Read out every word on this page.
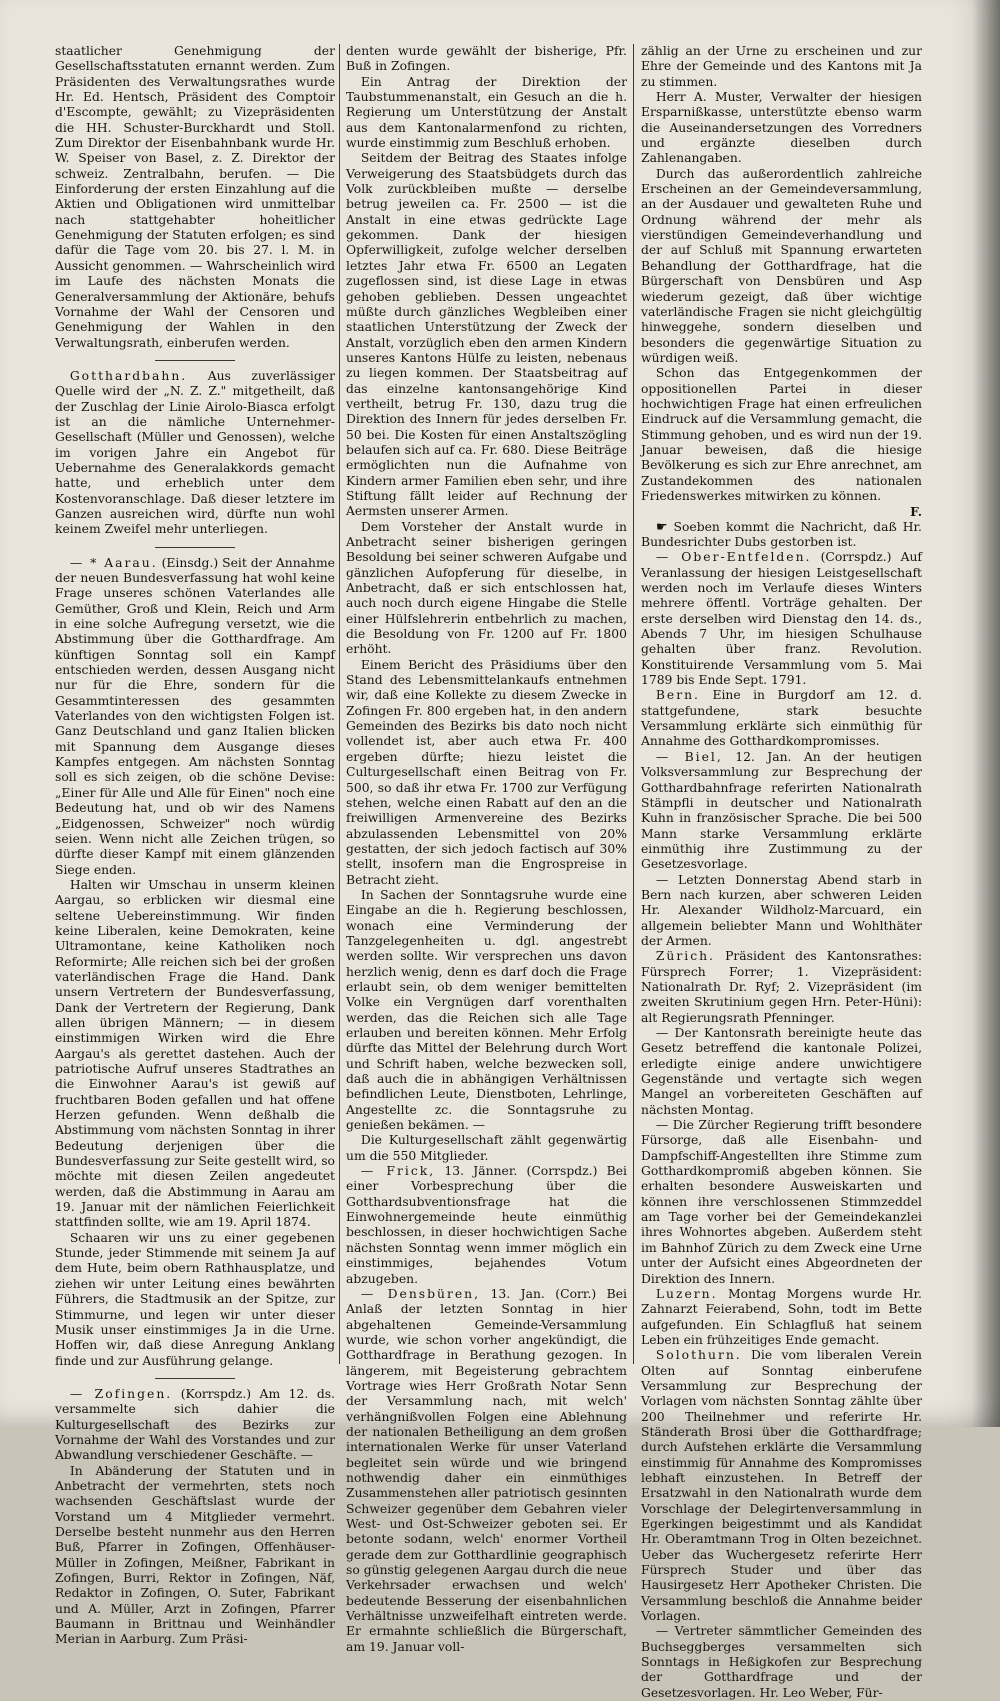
staatlicher Genehmigung der Gesellschaftsstatuten ernannt werden. Zum Präsidenten des Verwaltungsrathes wurde Hr. Ed. Hentsch, Präsident des Comptoir d'Escompte, gewählt; zu Vizepräsidenten die HH. Schuster-Burckhardt und Stoll. Zum Direktor der Eisenbahnbank wurde Hr. W. Speiser von Basel, z. Z. Direktor der schweiz. Zentralbahn, berufen. — Die Einforderung der ersten Einzahlung auf die Aktien und Obligationen wird unmittelbar nach stattgehabter hoheitlicher Genehmigung der Statuten erfolgen; es sind dafür die Tage vom 20. bis 27. l. M. in Aussicht genommen. — Wahrscheinlich wird im Laufe des nächsten Monats die Generalversammlung der Aktionäre, behufs Vornahme der Wahl der Censoren und Genehmigung der Wahlen in den Verwaltungsrath, einberufen werden.

Gotthardbahn. Aus zuverlässiger Quelle wird der „N. Z. Z." mitgetheilt, daß der Zuschlag der Linie Airolo-Biasca erfolgt ist an die nämliche Unternehmer-Gesellschaft (Müller und Genossen), welche im vorigen Jahre ein Angebot für Uebernahme des Generalakkords gemacht hatte, und erheblich unter dem Kostenvoranschlage. Daß dieser letztere im Ganzen ausreichen wird, dürfte nun wohl keinem Zweifel mehr unterliegen.

— * Aarau. (Einsdg.) Seit der Annahme der neuen Bundesverfassung hat wohl keine Frage unseres schönen Vaterlandes alle Gemüther, Groß und Klein, Reich und Arm in eine solche Aufregung versetzt, wie die Abstimmung über die Gotthardfrage. Am künftigen Sonntag soll ein Kampf entschieden werden, dessen Ausgang nicht nur für die Ehre, sondern für die Gesammtinteressen des gesammten Vaterlandes von den wichtigsten Folgen ist. Ganz Deutschland und ganz Italien blicken mit Spannung dem Ausgange dieses Kampfes entgegen. Am nächsten Sonntag soll es sich zeigen, ob die schöne Devise: „Einer für Alle und Alle für Einen" noch eine Bedeutung hat, und ob wir des Namens „Eidgenossen, Schweizer" noch würdig seien. Wenn nicht alle Zeichen trügen, so dürfte dieser Kampf mit einem glänzenden Siege enden.

Halten wir Umschau in unserm kleinen Aargau, so erblicken wir diesmal eine seltene Uebereinstimmung. Wir finden keine Liberalen, keine Demokraten, keine Ultramontane, keine Katholiken noch Reformirte; Alle reichen sich bei der großen vaterländischen Frage die Hand. Dank unsern Vertretern der Bundesverfassung, Dank der Vertretern der Regierung, Dank allen übrigen Männern; — in diesem einstimmigen Wirken wird die Ehre Aargau's als gerettet dastehen. Auch der patriotische Aufruf unseres Stadtrathes an die Einwohner Aarau's ist gewiß auf fruchtbaren Boden gefallen und hat offene Herzen gefunden. Wenn deßhalb die Abstimmung vom nächsten Sonntag in ihrer Bedeutung derjenigen über die Bundesverfassung zur Seite gestellt wird, so möchte mit diesen Zeilen angedeutet werden, daß die Abstimmung in Aarau am 19. Januar mit der nämlichen Feierlichkeit stattfinden sollte, wie am 19. April 1874.

Schaaren wir uns zu einer gegebenen Stunde, jeder Stimmende mit seinem Ja auf dem Hute, beim obern Rathhausplatze, und ziehen wir unter Leitung eines bewährten Führers, die Stadtmusik an der Spitze, zur Stimmurne, und legen wir unter dieser Musik unser einstimmiges Ja in die Urne. Hoffen wir, daß diese Anregung Anklang finde und zur Ausführung gelange.

— Zofingen. (Korrspdz.) Am 12. ds. versammelte sich dahier die Kulturgesellschaft des Bezirks zur Vornahme der Wahl des Vorstandes und zur Abwandlung verschiedener Geschäfte. —

In Abänderung der Statuten und in Anbetracht der vermehrten, stets noch wachsenden Geschäftslast wurde der Vorstand um 4 Mitglieder vermehrt. Derselbe besteht nunmehr aus den Herren Buß, Pfarrer in Zofingen, Offenhäuser-Müller in Zofingen, Meißner, Fabrikant in Zofingen, Burri, Rektor in Zofingen, Näf, Redaktor in Zofingen, O. Suter, Fabrikant und A. Müller, Arzt in Zofingen, Pfarrer Baumann in Brittnau und Weinhändler Merian in Aarburg. Zum Präsi-

denten wurde gewählt der bisherige, Pfr. Buß in Zofingen.

Ein Antrag der Direktion der Taubstummenanstalt, ein Gesuch an die h. Regierung um Unterstützung der Anstalt aus dem Kantonalarmenfond zu richten, wurde einstimmig zum Beschluß erhoben.

Seitdem der Beitrag des Staates infolge Verweigerung des Staatsbüdgets durch das Volk zurückbleiben mußte — derselbe betrug jeweilen ca. Fr. 2500 — ist die Anstalt in eine etwas gedrückte Lage gekommen. Dank der hiesigen Opferwilligkeit, zufolge welcher derselben letztes Jahr etwa Fr. 6500 an Legaten zugeflossen sind, ist diese Lage in etwas gehoben geblieben. Dessen ungeachtet müßte durch gänzliches Wegbleiben einer staatlichen Unterstützung der Zweck der Anstalt, vorzüglich eben den armen Kindern unseres Kantons Hülfe zu leisten, nebenaus zu liegen kommen. Der Staatsbeitrag auf das einzelne kantonsangehörige Kind vertheilt, betrug Fr. 130, dazu trug die Direktion des Innern für jedes derselben Fr. 50 bei. Die Kosten für einen Anstaltszögling belaufen sich auf ca. Fr. 680. Diese Beiträge ermöglichten nun die Aufnahme von Kindern armer Familien eben sehr, und ihre Stiftung fällt leider auf Rechnung der Aermsten unserer Armen.

Dem Vorsteher der Anstalt wurde in Anbetracht seiner bisherigen geringen Besoldung bei seiner schweren Aufgabe und gänzlichen Aufopferung für dieselbe, in Anbetracht, daß er sich entschlossen hat, auch noch durch eigene Hingabe die Stelle einer Hülfslehrerin entbehrlich zu machen, die Besoldung von Fr. 1200 auf Fr. 1800 erhöht.

Einem Bericht des Präsidiums über den Stand des Lebensmittelankaufs entnehmen wir, daß eine Kollekte zu diesem Zwecke in Zofingen Fr. 800 ergeben hat, in den andern Gemeinden des Bezirks bis dato noch nicht vollendet ist, aber auch etwa Fr. 400 ergeben dürfte; hiezu leistet die Culturgesellschaft einen Beitrag von Fr. 500, so daß ihr etwa Fr. 1700 zur Verfügung stehen, welche einen Rabatt auf den an die freiwilligen Armenvereine des Bezirks abzulassenden Lebensmittel von 20% gestatten, der sich jedoch factisch auf 30% stellt, insofern man die Engrospreise in Betracht zieht.

In Sachen der Sonntagsruhe wurde eine Eingabe an die h. Regierung beschlossen, wonach eine Verminderung der Tanzgelegenheiten u. dgl. angestrebt werden sollte. Wir versprechen uns davon herzlich wenig, denn es darf doch die Frage erlaubt sein, ob dem weniger bemittelten Volke ein Vergnügen darf vorenthalten werden, das die Reichen sich alle Tage erlauben und bereiten können. Mehr Erfolg dürfte das Mittel der Belehrung durch Wort und Schrift haben, welche bezwecken soll, daß auch die in abhängigen Verhältnissen befindlichen Leute, Dienstboten, Lehrlinge, Angestellte zc. die Sonntagsruhe zu genießen bekämen. —

Die Kulturgesellschaft zählt gegenwärtig um die 550 Mitglieder.

— Frick, 13. Jänner. (Corrspdz.) Bei einer Vorbesprechung über die Gotthardsubventionsfrage hat die Einwohnergemeinde heute einmüthig beschlossen, in dieser hochwichtigen Sache nächsten Sonntag wenn immer möglich ein einstimmiges, bejahendes Votum abzugeben.

— Densbüren, 13. Jan. (Corr.) Bei Anlaß der letzten Sonntag in hier abgehaltenen Gemeinde-Versammlung wurde, wie schon vorher angekündigt, die Gotthardfrage in Berathung gezogen. In längerem, mit Begeisterung gebrachtem Vortrage wies Herr Großrath Notar Senn der Versammlung nach, mit welch' verhängnißvollen Folgen eine Ablehnung der nationalen Betheiligung an dem großen internationalen Werke für unser Vaterland begleitet sein würde und wie bringend nothwendig daher ein einmüthiges Zusammenstehen aller patriotisch gesinnten Schweizer gegenüber dem Gebahren vieler West- und Ost-Schweizer geboten sei. Er betonte sodann, welch' enormer Vortheil gerade dem zur Gotthardlinie geographisch so günstig gelegenen Aargau durch die neue Verkehrsader erwachsen und welch' bedeutende Besserung der eisenbahnlichen Verhältnisse unzweifelhaft eintreten werde. Er ermahnte schließlich die Bürgerschaft, am 19. Januar voll-

zählig an der Urne zu erscheinen und zur Ehre der Gemeinde und des Kantons mit Ja zu stimmen.

Herr A. Muster, Verwalter der hiesigen Ersparnißkasse, unterstützte ebenso warm die Auseinandersetzungen des Vorredners und ergänzte dieselben durch Zahlenangaben.

Durch das außerordentlich zahlreiche Erscheinen an der Gemeindeversammlung, an der Ausdauer und gewalteten Ruhe und Ordnung während der mehr als vierstündigen Gemeindeverhandlung und der auf Schluß mit Spannung erwarteten Behandlung der Gotthardfrage, hat die Bürgerschaft von Densbüren und Asp wiederum gezeigt, daß über wichtige vaterländische Fragen sie nicht gleichgültig hinweggehe, sondern dieselben und besonders die gegenwärtige Situation zu würdigen weiß.

Schon das Entgegenkommen der oppositionellen Partei in dieser hochwichtigen Frage hat einen erfreulichen Eindruck auf die Versammlung gemacht, die Stimmung gehoben, und es wird nun der 19. Januar beweisen, daß die hiesige Bevölkerung es sich zur Ehre anrechnet, am Zustandekommen des nationalen Friedenswerkes mitwirken zu können.

F.

☛ Soeben kommt die Nachricht, daß Hr. Bundesrichter Dubs gestorben ist.

— Ober-Entfelden. (Corrspdz.) Auf Veranlassung der hiesigen Leistgesellschaft werden noch im Verlaufe dieses Winters mehrere öffentl. Vorträge gehalten. Der erste derselben wird Dienstag den 14. ds., Abends 7 Uhr, im hiesigen Schulhause gehalten über franz. Revolution. Konstituirende Versammlung vom 5. Mai 1789 bis Ende Sept. 1791.

Bern. Eine in Burgdorf am 12. d. stattgefundene, stark besuchte Versammlung erklärte sich einmüthig für Annahme des Gotthardkompromisses.

— Biel, 12. Jan. An der heutigen Volksversammlung zur Besprechung der Gotthardbahnfrage referirten Nationalrath Stämpfli in deutscher und Nationalrath Kuhn in französischer Sprache. Die bei 500 Mann starke Versammlung erklärte einmüthig ihre Zustimmung zu der Gesetzesvorlage.

— Letzten Donnerstag Abend starb in Bern nach kurzen, aber schweren Leiden Hr. Alexander Wildholz-Marcuard, ein allgemein beliebter Mann und Wohlthäter der Armen.

Zürich. Präsident des Kantonsrathes: Fürsprech Forrer; 1. Vizepräsident: Nationalrath Dr. Ryf; 2. Vizepräsident (im zweiten Skrutinium gegen Hrn. Peter-Hüni): alt Regierungsrath Pfenninger.

— Der Kantonsrath bereinigte heute das Gesetz betreffend die kantonale Polizei, erledigte einige andere unwichtigere Gegenstände und vertagte sich wegen Mangel an vorbereiteten Geschäften auf nächsten Montag.

— Die Zürcher Regierung trifft besondere Fürsorge, daß alle Eisenbahn- und Dampfschiff-Angestellten ihre Stimme zum Gotthardkompromiß abgeben können. Sie erhalten besondere Ausweiskarten und können ihre verschlossenen Stimmzeddel am Tage vorher bei der Gemeindekanzlei ihres Wohnortes abgeben. Außerdem steht im Bahnhof Zürich zu dem Zweck eine Urne unter der Aufsicht eines Abgeordneten der Direktion des Innern.

Luzern. Montag Morgens wurde Hr. Zahnarzt Feierabend, Sohn, todt im Bette aufgefunden. Ein Schlagfluß hat seinem Leben ein frühzeitiges Ende gemacht.

Solothurn. Die vom liberalen Verein Olten auf Sonntag einberufene Versammlung zur Besprechung der Vorlagen vom nächsten Sonntag zählte über 200 Theilnehmer und referirte Hr. Ständerath Brosi über die Gotthardfrage; durch Aufstehen erklärte die Versammlung einstimmig für Annahme des Kompromisses lebhaft einzustehen. In Betreff der Ersatzwahl in den Nationalrath wurde dem Vorschlage der Delegirtenversammlung in Egerkingen beigestimmt und als Kandidat Hr. Oberamtmann Trog in Olten bezeichnet. Ueber das Wuchergesetz referirte Herr Fürsprech Studer und über das Hausirgesetz Herr Apotheker Christen. Die Versammlung beschloß die Annahme beider Vorlagen.

— Vertreter sämmtlicher Gemeinden des Buchseggberges versammelten sich Sonntags in Heßigkofen zur Besprechung der Gotthardfrage und der Gesetzesvorlagen. Hr. Leo Weber, Für-
